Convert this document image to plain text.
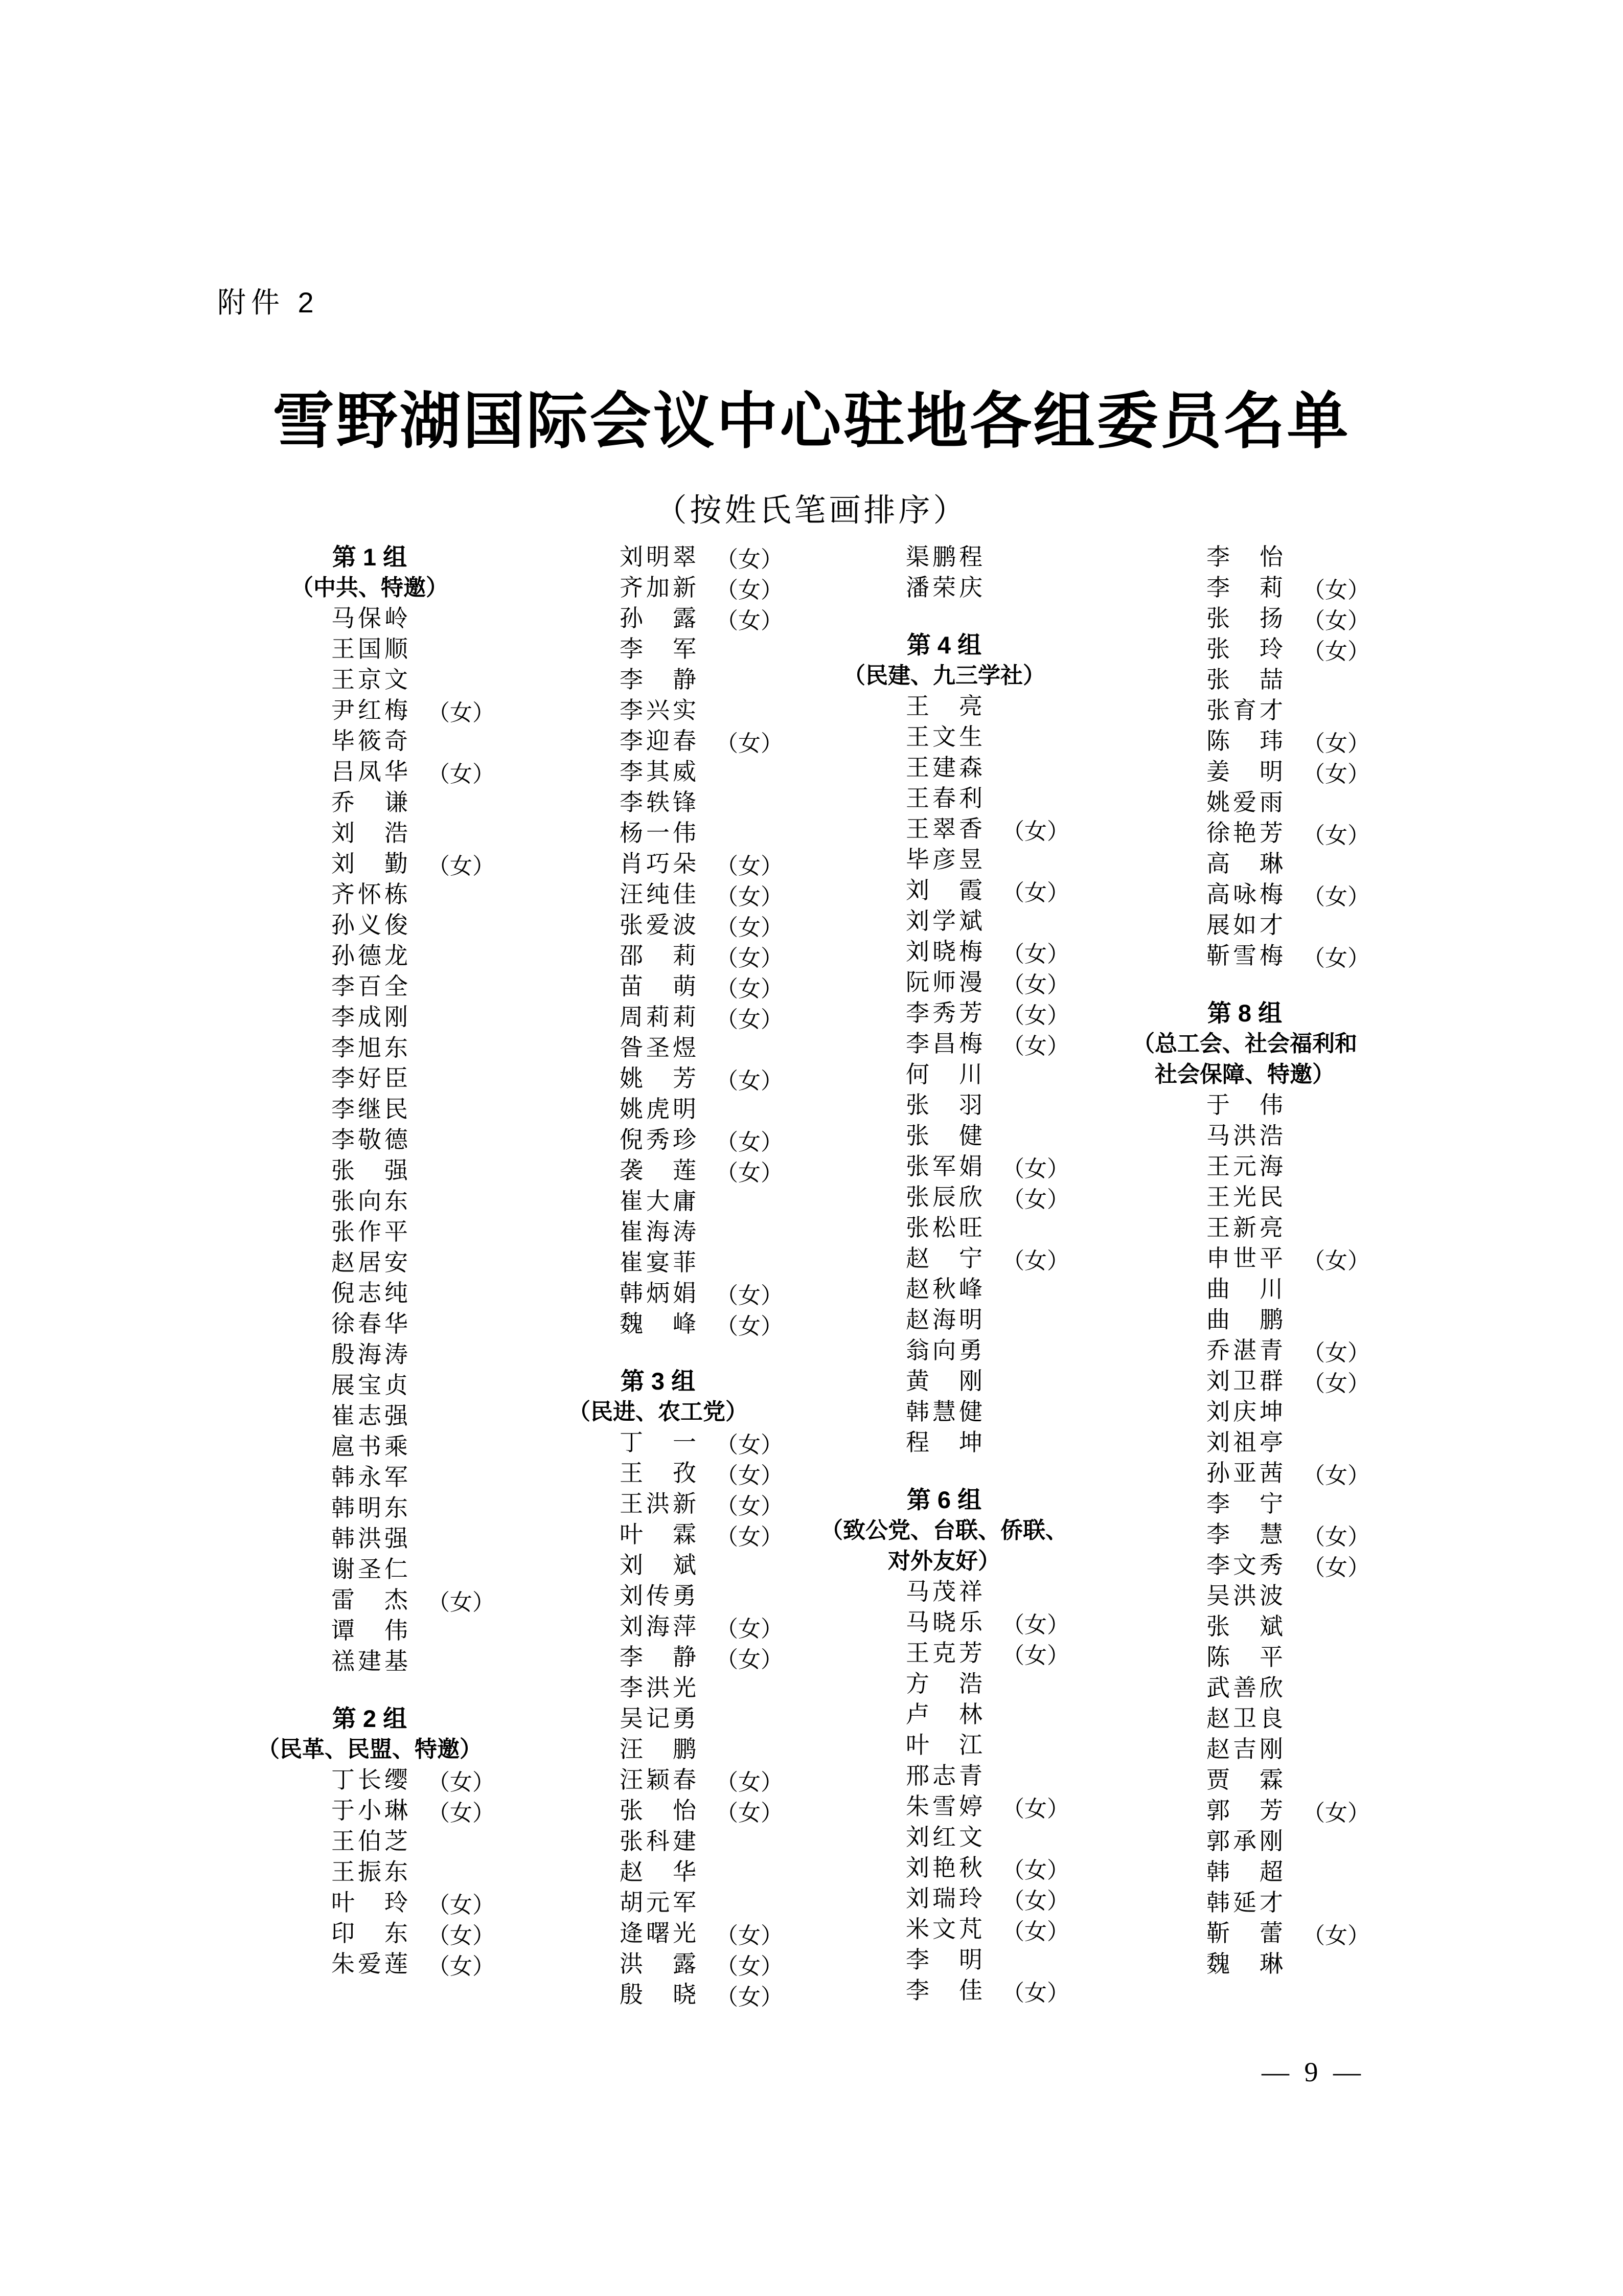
附件 2
雪野湖国际会议中心驻地各组委员名单
（按姓氏笔画排序）
第 1 组
（中共、特邀）
马 保 岭
王 国 顺
王 京 文
尹 红 梅 （女）
毕 筱 奇
吕 凤 华 （女）
乔 谦
刘 浩
刘 勤 （女）
齐 怀 栋
孙 义 俊
孙 德 龙
李 百 全
李 成 刚
李 旭 东
李 好 臣
李 继 民
李 敬 德
张 强
张 向 东
张 作 平
赵 居 安
倪 志 纯
徐 春 华
殷 海 涛
展 宝 贞
崔 志 强
扈 书 乘
韩 永 军
韩 明 东
韩 洪 强
谢 圣 仁
雷 杰 （女）
谭 伟
禚 建 基
第 2 组
（民革、民盟、特邀）
丁 长 缨 （女）
于 小 琳 （女）
王 伯 芝
王 振 东
叶 玲 （女）
印 东 （女）
朱 爱 莲 （女）
刘 明 翠 （女）
齐 加 新 （女）
孙 露 （女）
李 军
李 静
李 兴 实
李 迎 春 （女）
李 其 威
李 轶 锋
杨 一 伟
肖 巧 朵 （女）
汪 纯 佳 （女）
张 爱 波 （女）
邵 莉 （女）
苗 萌 （女）
周 莉 莉 （女）
昝 圣 煜
姚 芳 （女）
姚 虎 明
倪 秀 珍 （女）
袭 莲 （女）
崔 大 庸
崔 海 涛
崔 宴 菲
韩 炳 娟 （女）
魏 峰 （女）
第 3 组
（民进、农工党）
丁 一 （女）
王 孜 （女）
王 洪 新 （女）
叶 霖 （女）
刘 斌
刘 传 勇
刘 海 萍 （女）
李 静 （女）
李 洪 光
吴 记 勇
汪 鹏
汪 颖 春 （女）
张 怡 （女）
张 科 建
赵 华
胡 元 军
逄 曙 光 （女）
洪 露 （女）
殷 晓 （女）
渠 鹏 程
潘 荣 庆
第 4 组
（民建、九三学社）
王 亮
王 文 生
王 建 森
王 春 利
王 翠 香 （女）
毕 彦 昱
刘 霞 （女）
刘 学 斌
刘 晓 梅 （女）
阮 师 漫 （女）
李 秀 芳 （女）
李 昌 梅 （女）
何 川
张 羽
张 健
张 军 娟 （女）
张 辰 欣 （女）
张 松 旺
赵 宁 （女）
赵 秋 峰
赵 海 明
翁 向 勇
黄 刚
韩 慧 健
程 坤
第 6 组
（致公党、台联、侨联、
对外友好）
马 茂 祥
马 晓 乐 （女）
王 克 芳 （女）
方 浩
卢 林
叶 江
邢 志 青
朱 雪 婷 （女）
刘 红 文
刘 艳 秋 （女）
刘 瑞 玲 （女）
米 文 芃 （女）
李 明
李 佳 （女）
李 怡
李 莉 （女）
张 扬 （女）
张 玲 （女）
张 喆
张 育 才
陈 玮 （女）
姜 明 （女）
姚 爱 雨
徐 艳 芳 （女）
高 琳
高 咏 梅 （女）
展 如 才
靳 雪 梅 （女）
第 8 组
（总工会、社会福利和
社会保障、特邀）
于 伟
马 洪 浩
王 元 海
王 光 民
王 新 亮
申 世 平 （女）
曲 川
曲 鹏
乔 湛 青 （女）
刘 卫 群 （女）
刘 庆 坤
刘 祖 亭
孙 亚 茜 （女）
李 宁
李 慧 （女）
李 文 秀 （女）
吴 洪 波
张 斌
陈 平
武 善 欣
赵 卫 良
赵 吉 刚
贾 霖
郭 芳 （女）
郭 承 刚
韩 超
韩 延 才
靳 蕾 （女）
魏 琳
— 9 —
